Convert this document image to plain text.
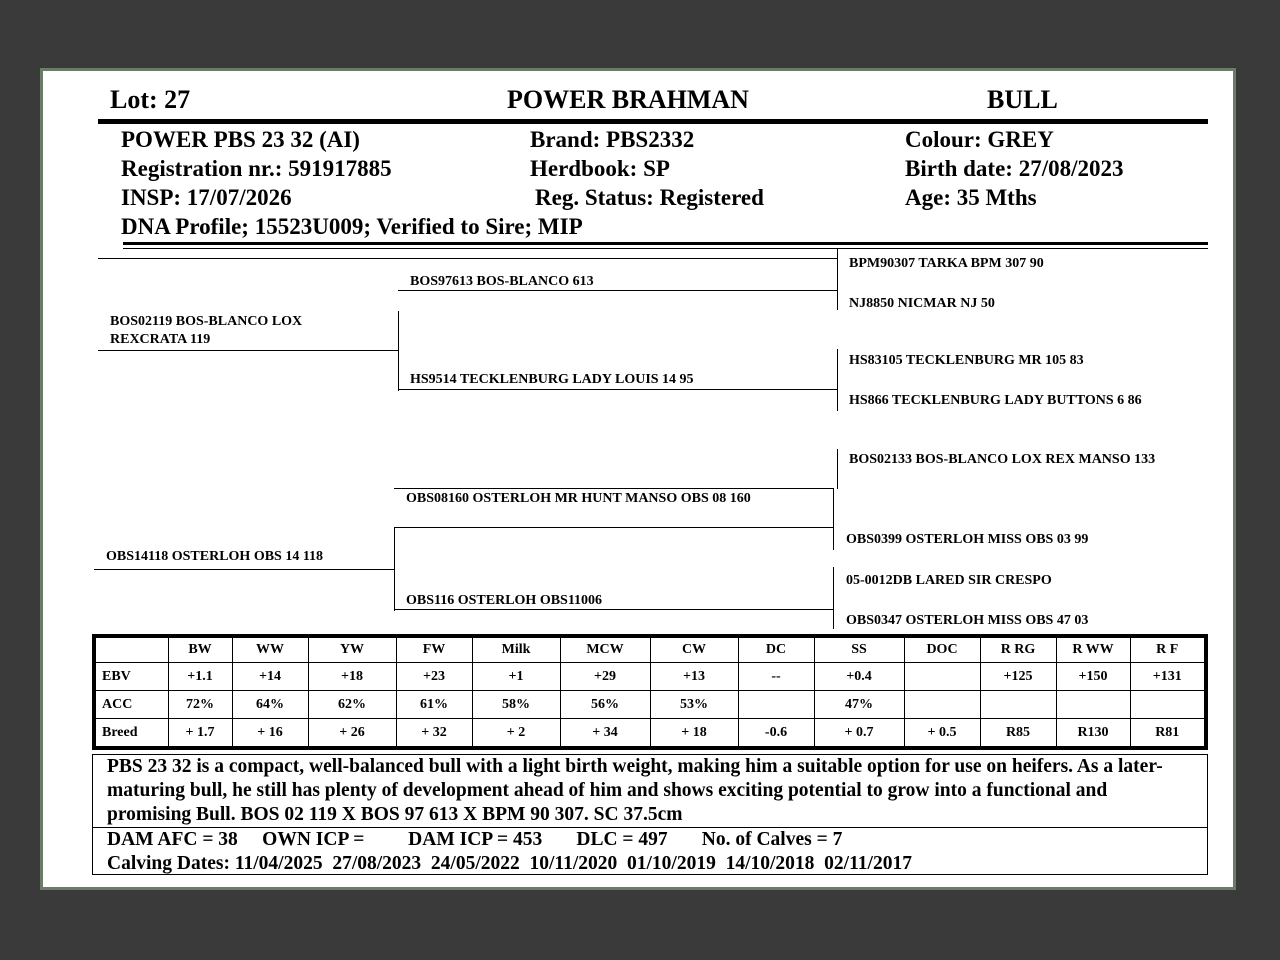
Lot: 27	POWER BRAHMAN	BULL
POWER PBS 23 32 (AI)
Registration nr.: 591917885
INSP: 17/07/2026
DNA Profile; 15523U009; Verified to Sire; MIP
Brand: PBS2332
Herdbook: SP
Reg. Status: Registered
Colour: GREY
Birth date: 27/08/2023
Age: 35 Mths
BOS02119 BOS-BLANCO LOX REXCRATA 119
BOS97613 BOS-BLANCO 613
HS9514 TECKLENBURG LADY LOUIS 14 95
BPM90307 TARKA BPM 307 90
NJ8850 NICMAR NJ 50
HS83105 TECKLENBURG MR 105 83
HS866 TECKLENBURG LADY BUTTONS 6 86
OBS14118 OSTERLOH OBS 14 118
OBS08160 OSTERLOH MR HUNT MANSO OBS 08 160
OBS116 OSTERLOH OBS11006
BOS02133 BOS-BLANCO LOX REX MANSO 133
OBS0399 OSTERLOH MISS OBS 03 99
05-0012DB LARED SIR CRESPO
OBS0347 OSTERLOH MISS OBS 47 03
	BW	WW	YW	FW	Milk	MCW	CW	DC	SS	DOC	R RG	R WW	R F
EBV	+1.1	+14	+18	+23	+1	+29	+13	--	+0.4		+125	+150	+131
ACC	72%	64%	62%	61%	58%	56%	53%		47%				
Breed	+ 1.7	+ 16	+ 26	+ 32	+ 2	+ 34	+ 18	-0.6	+ 0.7	+ 0.5	R85	R130	R81
PBS 23 32 is a compact, well-balanced bull with a light birth weight, making him a suitable option for use on heifers. As a later-maturing bull, he still has plenty of development ahead of him and shows exciting potential to grow into a functional and promising Bull. BOS 02 119 X BOS 97 613 X BPM 90 307. SC 37.5cm
DAM AFC = 38     OWN ICP =         DAM ICP = 453       DLC = 497       No. of Calves = 7
Calving Dates: 11/04/2025  27/08/2023  24/05/2022  10/11/2020  01/10/2019  14/10/2018  02/11/2017
